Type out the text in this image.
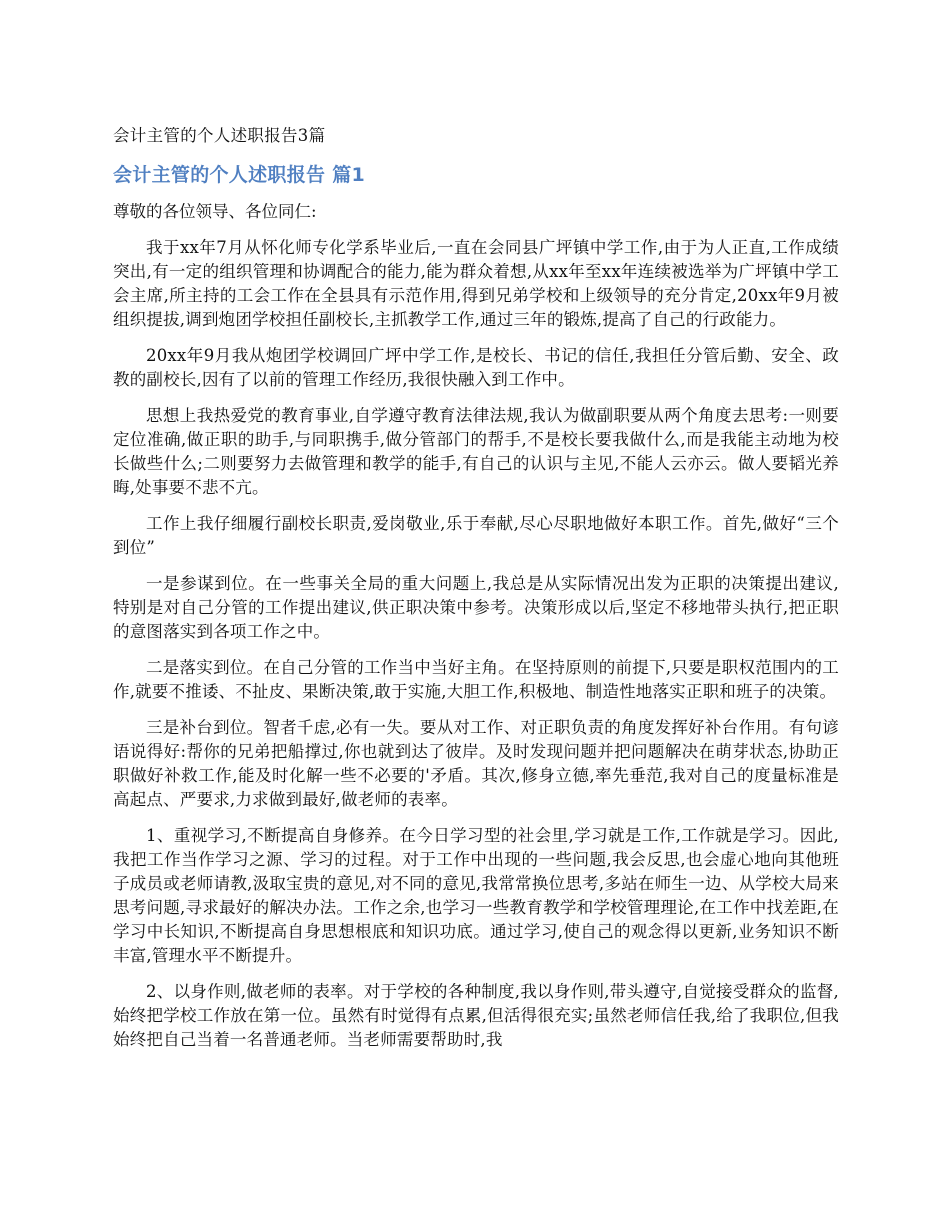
会计主管的个人述职报告3篇
会计主管的个人述职报告 篇1
尊敬的各位领导、各位同仁:

我于xx年7月从怀化师专化学系毕业后,一直在会同县广坪镇中学工作,由于为人正直,工作成绩突出,有一定的组织管理和协调配合的能力,能为群众着想,从xx年至xx年连续被选举为广坪镇中学工会主席,所主持的工会工作在全县具有示范作用,得到兄弟学校和上级领导的充分肯定,20xx年9月被组织提拔,调到炮团学校担任副校长,主抓教学工作,通过三年的锻炼,提高了自己的行政能力。

20xx年9月我从炮团学校调回广坪中学工作,是校长、书记的信任,我担任分管后勤、安全、政教的副校长,因有了以前的管理工作经历,我很快融入到工作中。

思想上我热爱党的教育事业,自学遵守教育法律法规,我认为做副职要从两个角度去思考:一则要定位准确,做正职的助手,与同职携手,做分管部门的帮手,不是校长要我做什么,而是我能主动地为校长做些什么;二则要努力去做管理和教学的能手,有自己的认识与主见,不能人云亦云。做人要韬光养晦,处事要不悲不亢。

工作上我仔细履行副校长职责,爱岗敬业,乐于奉献,尽心尽职地做好本职工作。首先,做好“三个到位”

一是参谋到位。在一些事关全局的重大问题上,我总是从实际情况出发为正职的决策提出建议,特别是对自己分管的工作提出建议,供正职决策中参考。决策形成以后,坚定不移地带头执行,把正职的意图落实到各项工作之中。

二是落实到位。在自己分管的工作当中当好主角。在坚持原则的前提下,只要是职权范围内的工作,就要不推诿、不扯皮、果断决策,敢于实施,大胆工作,积极地、制造性地落实正职和班子的决策。

三是补台到位。智者千虑,必有一失。要从对工作、对正职负责的角度发挥好补台作用。有句谚语说得好:帮你的兄弟把船撑过,你也就到达了彼岸。及时发现问题并把问题解决在萌芽状态,协助正职做好补救工作,能及时化解一些不必要的'矛盾。其次,修身立德,率先垂范,我对自己的度量标准是高起点、严要求,力求做到最好,做老师的表率。

1、重视学习,不断提高自身修养。在今日学习型的社会里,学习就是工作,工作就是学习。因此,我把工作当作学习之源、学习的过程。对于工作中出现的一些问题,我会反思,也会虚心地向其他班子成员或老师请教,汲取宝贵的意见,对不同的意见,我常常换位思考,多站在师生一边、从学校大局来思考问题,寻求最好的解决办法。工作之余,也学习一些教育教学和学校管理理论,在工作中找差距,在学习中长知识,不断提高自身思想根底和知识功底。通过学习,使自己的观念得以更新,业务知识不断丰富,管理水平不断提升。

2、以身作则,做老师的表率。对于学校的各种制度,我以身作则,带头遵守,自觉接受群众的监督,始终把学校工作放在第一位。虽然有时觉得有点累,但活得很充实;虽然老师信任我,给了我职位,但我始终把自己当着一名普通老师。当老师需要帮助时,我
